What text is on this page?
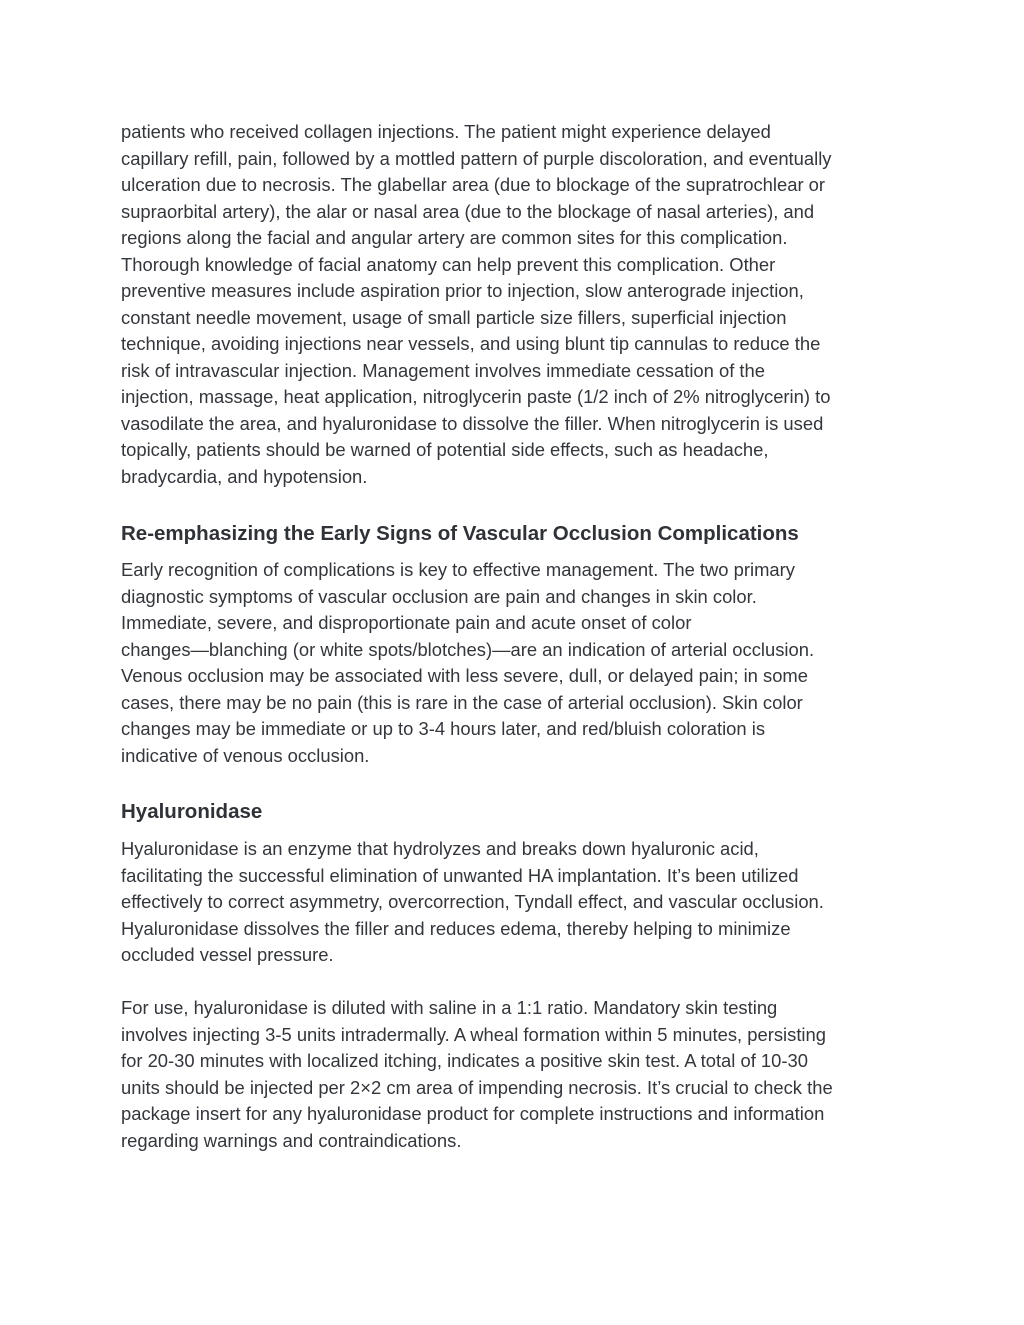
patients who received collagen injections. The patient might experience delayed
capillary refill, pain, followed by a mottled pattern of purple discoloration, and eventually
ulceration due to necrosis. The glabellar area (due to blockage of the supratrochlear or
supraorbital artery), the alar or nasal area (due to the blockage of nasal arteries), and
regions along the facial and angular artery are common sites for this complication.
Thorough knowledge of facial anatomy can help prevent this complication. Other
preventive measures include aspiration prior to injection, slow anterograde injection,
constant needle movement, usage of small particle size fillers, superficial injection
technique, avoiding injections near vessels, and using blunt tip cannulas to reduce the
risk of intravascular injection. Management involves immediate cessation of the
injection, massage, heat application, nitroglycerin paste (1/2 inch of 2% nitroglycerin) to
vasodilate the area, and hyaluronidase to dissolve the filler. When nitroglycerin is used
topically, patients should be warned of potential side effects, such as headache,
bradycardia, and hypotension.

Re-emphasizing the Early Signs of Vascular Occlusion Complications

Early recognition of complications is key to effective management. The two primary
diagnostic symptoms of vascular occlusion are pain and changes in skin color.
Immediate, severe, and disproportionate pain and acute onset of color
changes—blanching (or white spots/blotches)—are an indication of arterial occlusion.
Venous occlusion may be associated with less severe, dull, or delayed pain; in some
cases, there may be no pain (this is rare in the case of arterial occlusion). Skin color
changes may be immediate or up to 3-4 hours later, and red/bluish coloration is
indicative of venous occlusion.

Hyaluronidase

Hyaluronidase is an enzyme that hydrolyzes and breaks down hyaluronic acid,
facilitating the successful elimination of unwanted HA implantation. It’s been utilized
effectively to correct asymmetry, overcorrection, Tyndall effect, and vascular occlusion.
Hyaluronidase dissolves the filler and reduces edema, thereby helping to minimize
occluded vessel pressure.

For use, hyaluronidase is diluted with saline in a 1:1 ratio. Mandatory skin testing
involves injecting 3-5 units intradermally. A wheal formation within 5 minutes, persisting
for 20-30 minutes with localized itching, indicates a positive skin test. A total of 10-30
units should be injected per 2×2 cm area of impending necrosis. It’s crucial to check the
package insert for any hyaluronidase product for complete instructions and information
regarding warnings and contraindications.
